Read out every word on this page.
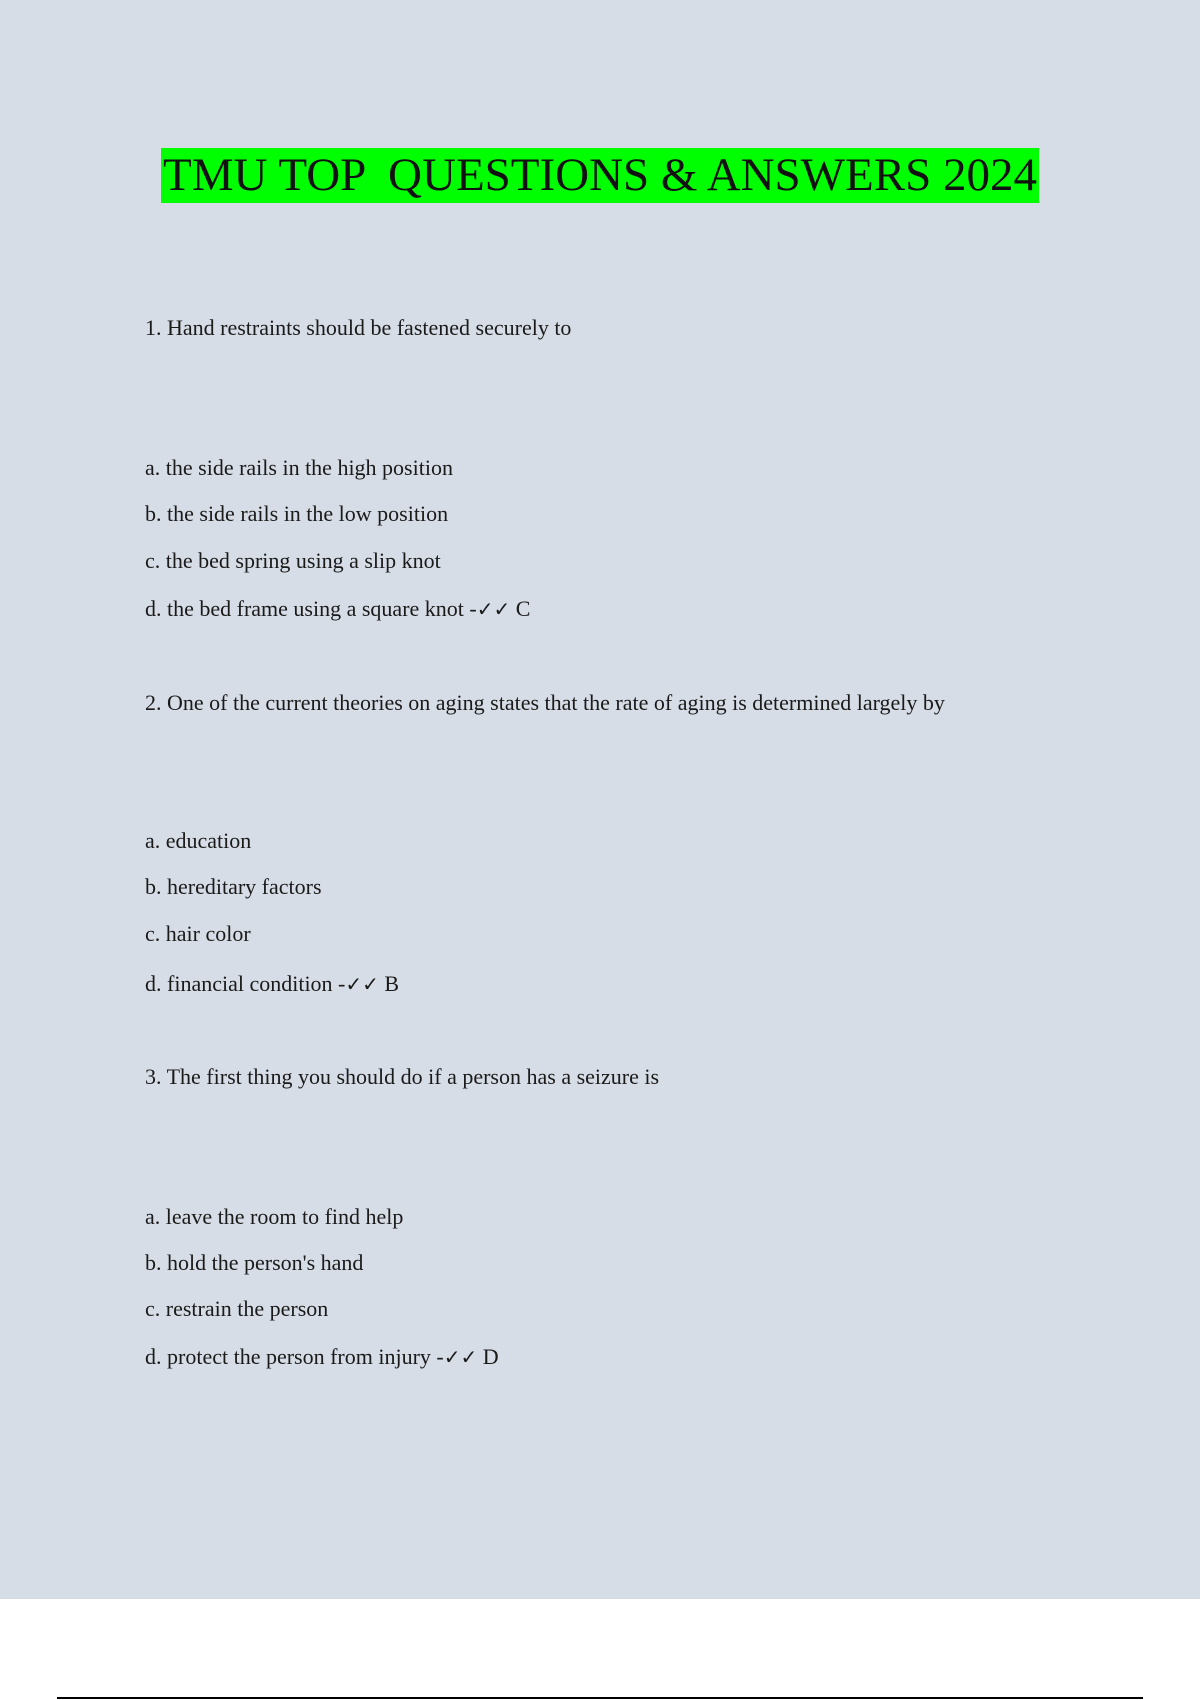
TMU TOP  QUESTIONS & ANSWERS 2024
1. Hand restraints should be fastened securely to
a. the side rails in the high position
b. the side rails in the low position
c. the bed spring using a slip knot
d. the bed frame using a square knot -✓✓ C
2. One of the current theories on aging states that the rate of aging is determined largely by
a. education
b. hereditary factors
c. hair color
d. financial condition -✓✓ B
3. The first thing you should do if a person has a seizure is
a. leave the room to find help
b. hold the person's hand
c. restrain the person
d. protect the person from injury -✓✓ D
